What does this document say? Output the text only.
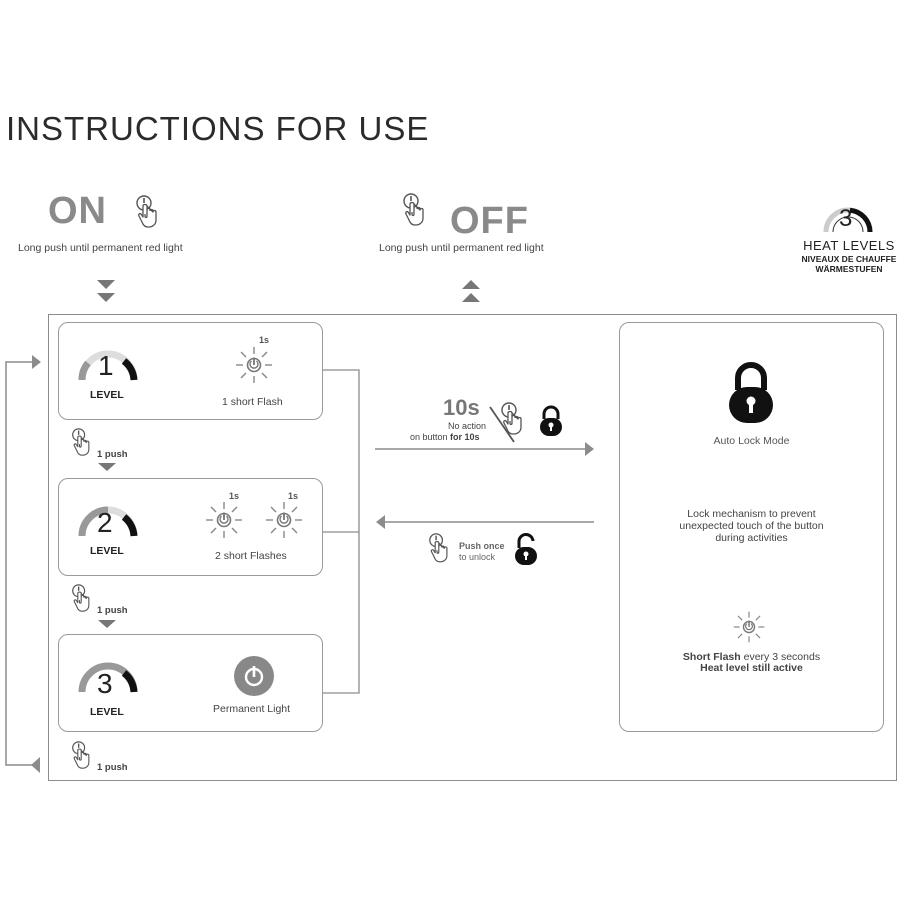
INSTRUCTIONS FOR USE
ON
Long push until permanent red light
OFF
Long push until permanent red light
3
HEAT LEVELS
NIVEAUX DE CHAUFFE
WÄRMESTUFEN
1
LEVEL
1s
1 short Flash
1 push
2
LEVEL
1s	1s
2 short Flashes
1 push
3
LEVEL	Permanent Light
1 push
10s
No action
on button for 10s
Push once
to unlock
Auto Lock Mode
Lock mechanism to prevent
unexpected touch of the button
during activities
Short Flash every 3 seconds
Heat level still active
